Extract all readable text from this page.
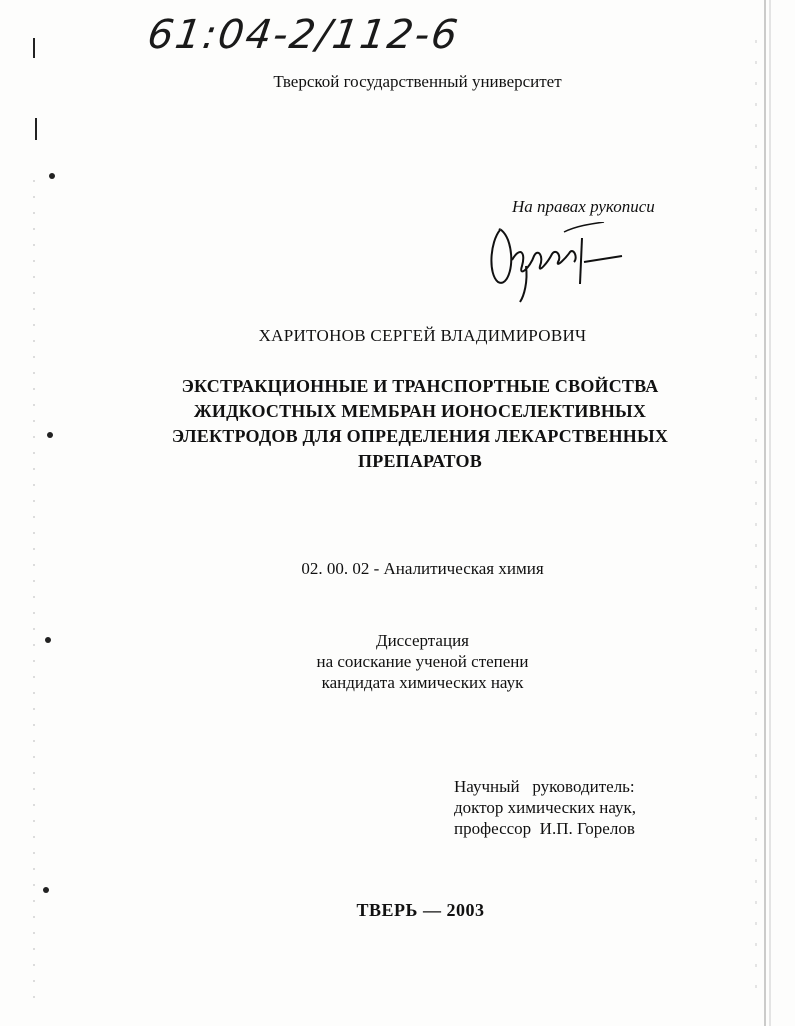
61:04-2/112-6
Тверской государственный университет
На правах рукописи
ХАРИТОНОВ СЕРГЕЙ ВЛАДИМИРОВИЧ
ЭКСТРАКЦИОННЫЕ И ТРАНСПОРТНЫЕ СВОЙСТВА
ЖИДКОСТНЫХ МЕМБРАН ИОНОСЕЛЕКТИВНЫХ
ЭЛЕКТРОДОВ ДЛЯ ОПРЕДЕЛЕНИЯ ЛЕКАРСТВЕННЫХ
ПРЕПАРАТОВ
02. 00. 02 - Аналитическая химия
Диссертация
на соискание ученой степени
кандидата химических наук
Научный   руководитель:
доктор химических наук,
профессор  И.П. Горелов
ТВЕРЬ — 2003
